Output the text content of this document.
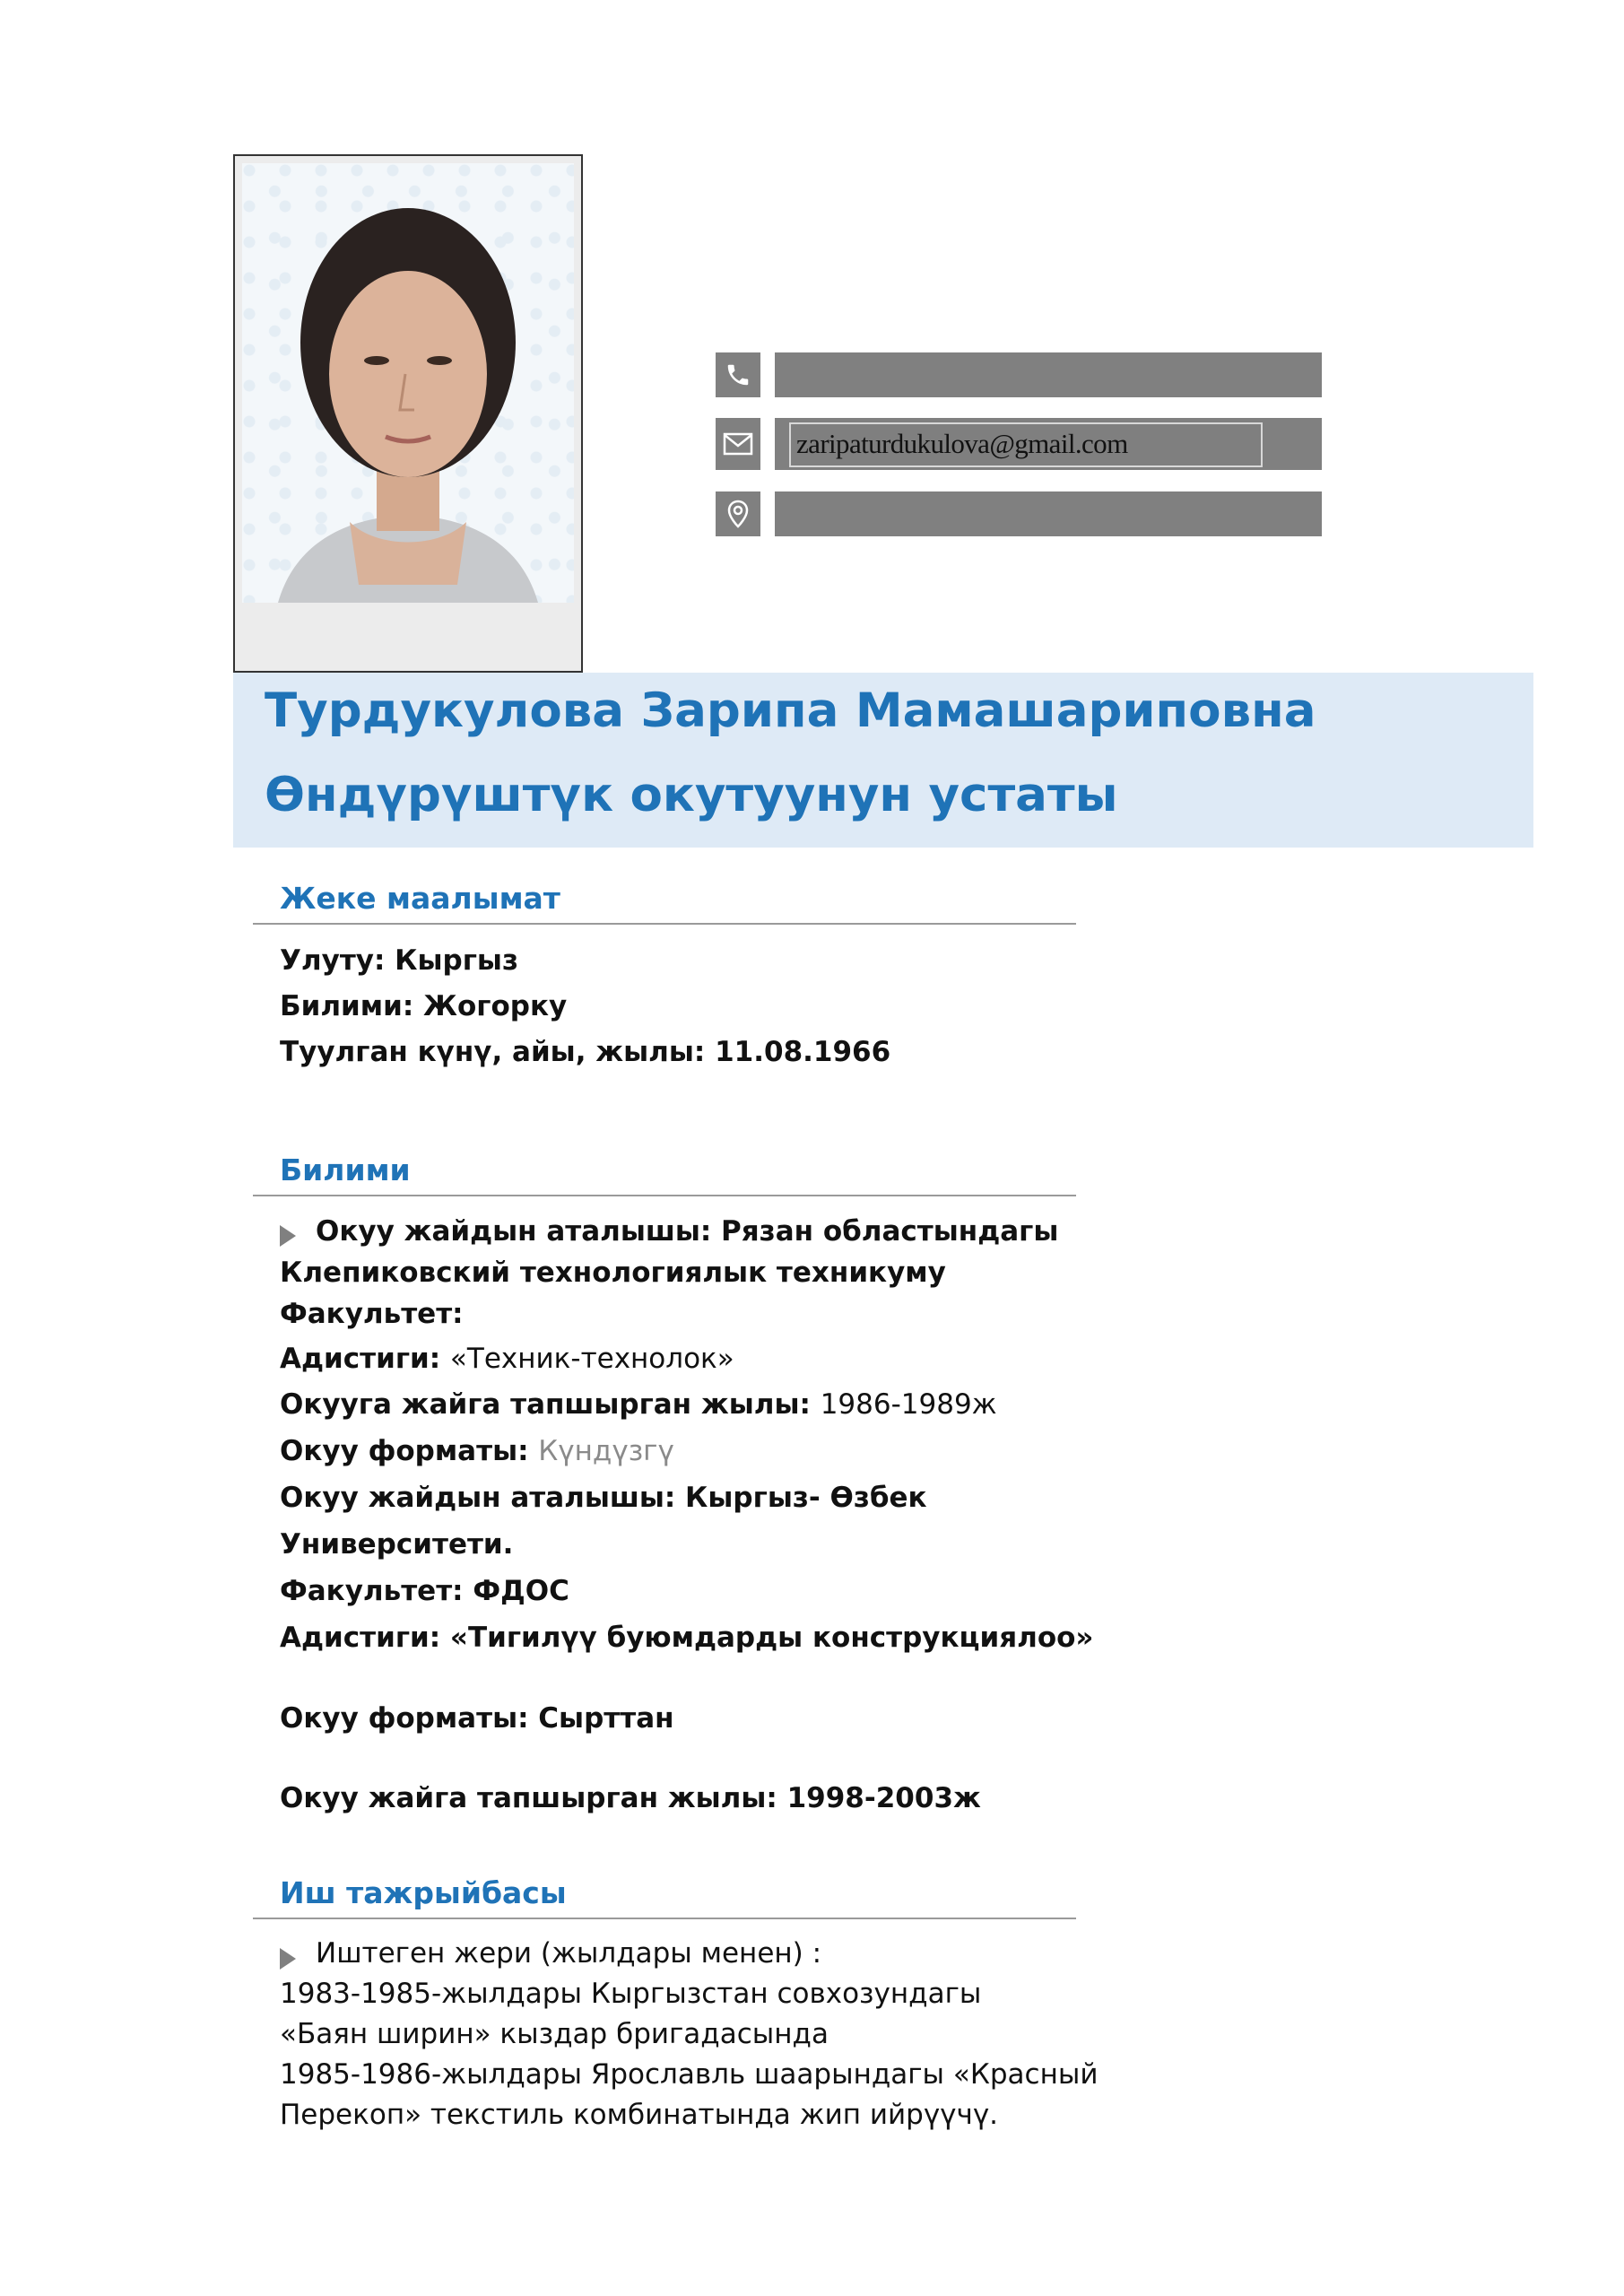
zaripaturdukulova@gmail.com
Турдукулова Зарипа Мамашариповна
Өндүрүштүк окутуунун устаты
Жеке маалымат
Улуту: Кыргыз
Билими: Жогорку
Туулган күнү, айы, жылы: 11.08.1966
Билими
Окуу жайдын аталышы: Рязан областындагы
Клепиковский технологиялык техникуму
Факультет:
Адистиги: «Техник-технолок»
Окууга жайга тапшырган жылы: 1986-1989ж
Окуу форматы: Күндүзгү
Окуу жайдын аталышы: Кыргыз- Өзбек
Университети.
Факультет: ФДОС
Адистиги: «Тигилүү буюмдарды конструкциялоо»
Окуу форматы: Сырттан
Окуу жайга тапшырган жылы: 1998-2003ж
Иш тажрыйбасы
Иштеген жери (жылдары менен) :
1983-1985-жылдары Кыргызстан совхозундагы
«Баян ширин» кыздар бригадасында
1985-1986-жылдары Ярославль шаарындагы «Красный
Перекоп» текстиль комбинатында жип ийрүүчү.
